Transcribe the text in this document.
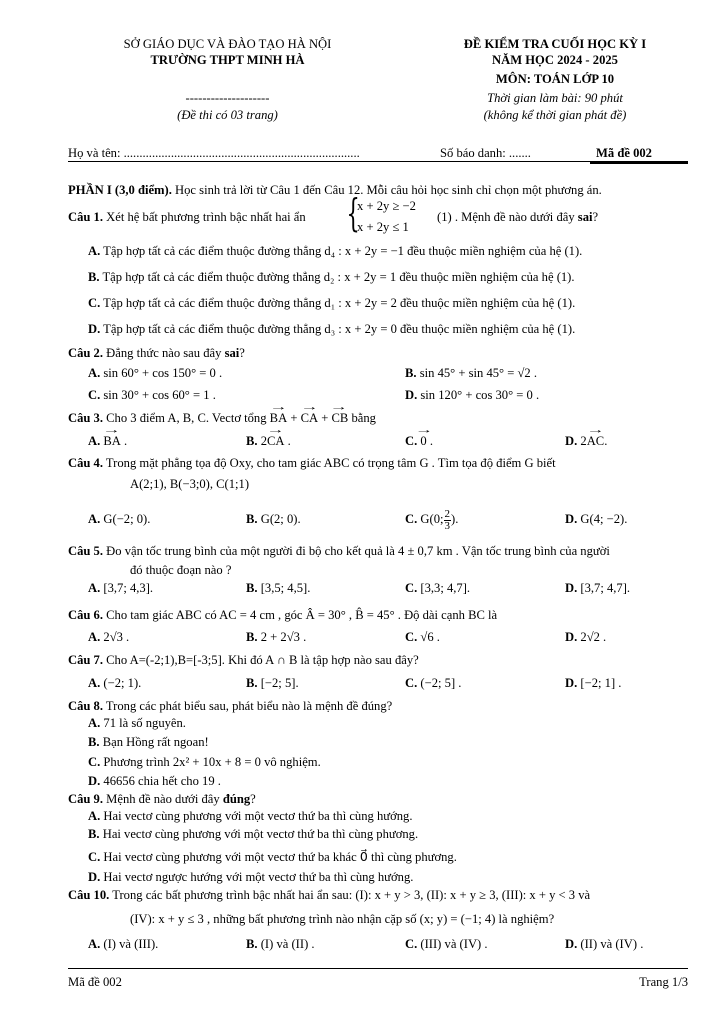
SỞ GIÁO DỤC VÀ ĐÀO TẠO HÀ NỘI
TRƯỜNG THPT MINH HÀ
--------------------
(Đề thi có 03 trang)
ĐỀ KIỂM TRA CUỐI HỌC KỲ I
NĂM HỌC 2024 - 2025
MÔN: TOÁN LỚP 10
Thời gian làm bài: 90 phút
(không kể thời gian phát đề)
Họ và tên: ...........................................................................	Số báo danh: .......	Mã đề 002
PHẦN I (3,0 điểm). Học sinh trả lời từ Câu 1 đến Câu 12. Mỗi câu hỏi học sinh chỉ chọn một phương án.
Câu 1. Xét hệ bất phương trình bậc nhất hai ẩn {
x + 2y ≥ −2
x + 2y ≤ 1
(1) . Mệnh đề nào dưới đây sai?
A. Tập hợp tất cả các điểm thuộc đường thẳng d₄ : x + 2y = −1 đều thuộc miền nghiệm của hệ (1).
B. Tập hợp tất cả các điểm thuộc đường thẳng d₂ : x + 2y = 1 đều thuộc miền nghiệm của hệ (1).
C. Tập hợp tất cả các điểm thuộc đường thẳng d₁ : x + 2y = 2 đều thuộc miền nghiệm của hệ (1).
D. Tập hợp tất cả các điểm thuộc đường thẳng d₃ : x + 2y = 0 đều thuộc miền nghiệm của hệ (1).
Câu 2. Đẳng thức nào sau đây sai?
A. sin 60° + cos 150° = 0 .	B. sin 45° + sin 45° = √2 .
C. sin 30° + cos 60° = 1 .	D. sin 120° + cos 30° = 0 .
Câu 3. Cho 3 điểm A, B, C. Vectơ tổng → BA + → CA + → CB bằng
A. → BA .	B. 2→ CA .	C. → 0 .	D. 2→ AC.
Câu 4. Trong mặt phẳng tọa độ Oxy, cho tam giác ABC có trọng tâm G . Tìm tọa độ điểm G biết
A(2;1), B(−3;0), C(1;1)
A. G(−2; 0).	B. G(2; 0).	C. G(0; $\frac{2}{3}$ ).	D. G(4; −2).
Câu 5. Đo vận tốc trung bình của một người đi bộ cho kết quả là 4 ± 0,7 km . Vận tốc trung bình của người
đó thuộc đoạn nào ?
A. [3,7; 4,3].	B. [3,5; 4,5].	C. [3,3; 4,7].	D. [3,7; 4,7].
Câu 6. Cho tam giác ABC có AC = 4 cm , góc Â = 30° , B̂ = 45° . Độ dài cạnh BC là
A. 2√3 .	B. 2 + 2√3 .	C. √6 .	D. 2√2 .
Câu 7. Cho A=(-2;1),B=[-3;5]. Khi đó A ∩ B là tập hợp nào sau đây?
A. (−2; 1).	B. [−2; 5].	C. (−2; 5] .	D. [−2; 1] .
Câu 8. Trong các phát biểu sau, phát biểu nào là mệnh đề đúng?
A. 71 là số nguyên.
B. Bạn Hồng rất ngoan!
C. Phương trình 2x² + 10x + 8 = 0 vô nghiệm.
D. 46656 chia hết cho 19 .
Câu 9. Mệnh đề nào dưới đây đúng?
A. Hai vectơ cùng phương với một vectơ thứ ba thì cùng hướng.
B. Hai vectơ cùng phương với một vectơ thứ ba thì cùng phương.
C. Hai vectơ cùng phương với một vectơ thứ ba khác 0⃗ thì cùng phương.
D. Hai vectơ ngược hướng với một vectơ thứ ba thì cùng hướng.
Câu 10. Trong các bất phương trình bậc nhất hai ẩn sau: (I): x + y > 3, (II): x + y ≥ 3, (III): x + y < 3 và
(IV): x + y ≤ 3 , những bất phương trình nào nhận cặp số (x; y) = (−1; 4) là nghiệm?
A. (I) và (III).	B. (I) và (II) .	C. (III) và (IV) .	D. (II) và (IV) .
Mã đề 002	Trang 1/3
